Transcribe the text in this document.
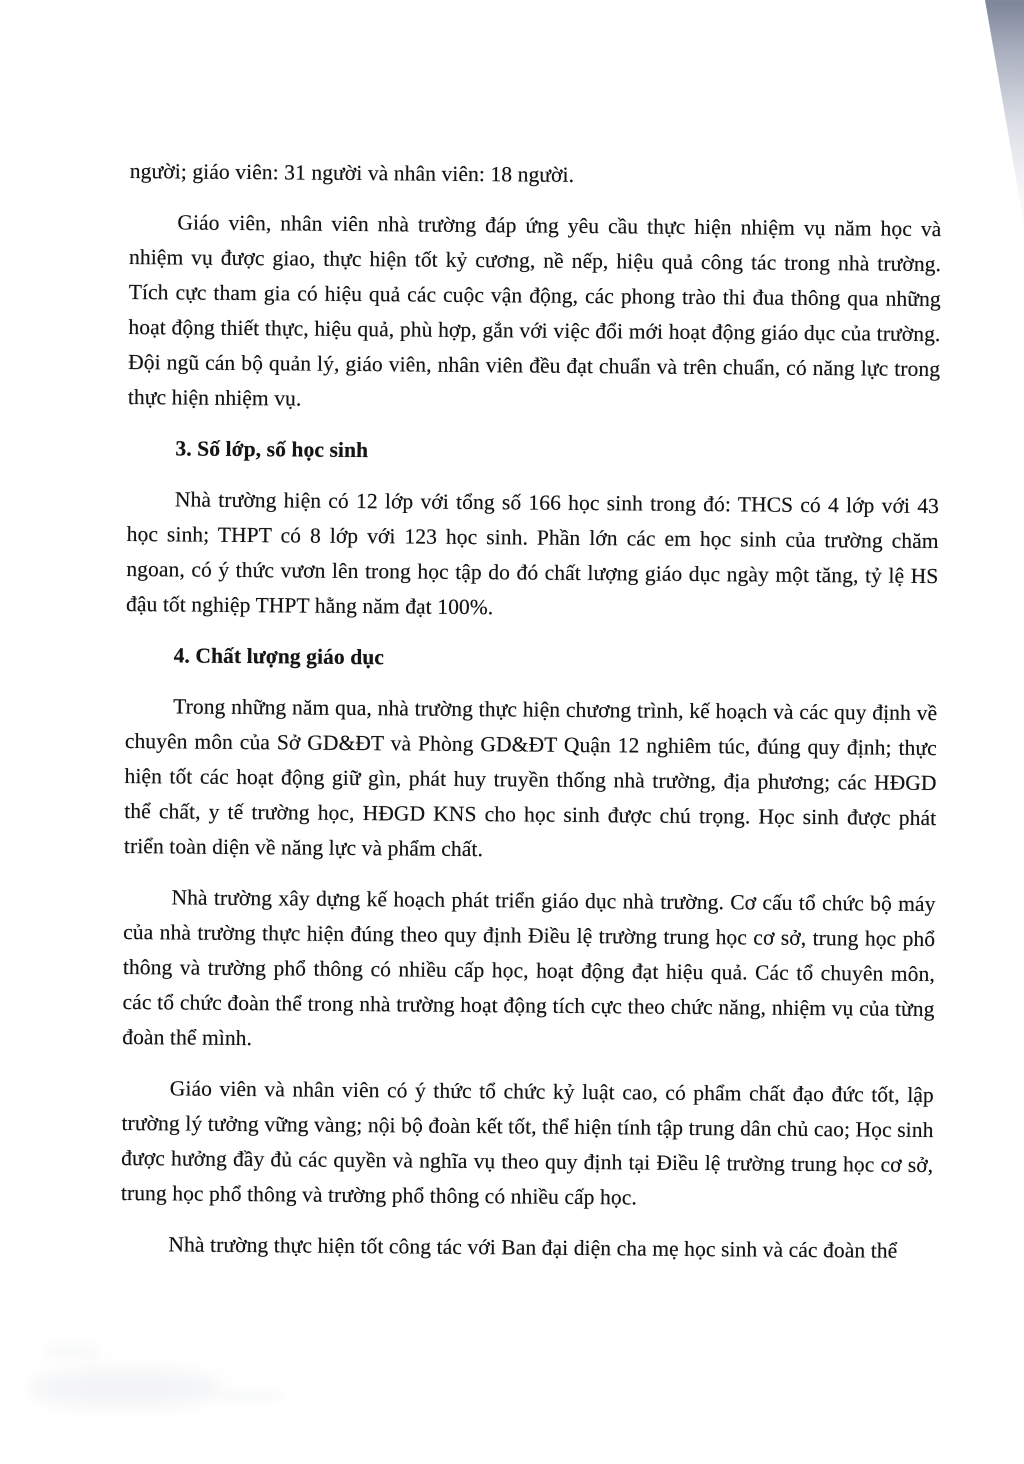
người; giáo viên: 31 người và nhân viên: 18 người.

Giáo viên, nhân viên nhà trường đáp ứng yêu cầu thực hiện nhiệm vụ năm học và nhiệm vụ được giao, thực hiện tốt kỷ cương, nề nếp, hiệu quả công tác trong nhà trường. Tích cực tham gia có hiệu quả các cuộc vận động, các phong trào thi đua thông qua những hoạt động thiết thực, hiệu quả, phù hợp, gắn với việc đổi mới hoạt động giáo dục của trường. Đội ngũ cán bộ quản lý, giáo viên, nhân viên đều đạt chuẩn và trên chuẩn, có năng lực trong thực hiện nhiệm vụ.

3. Số lớp, số học sinh

Nhà trường hiện có 12 lớp với tổng số 166 học sinh trong đó: THCS có 4 lớp với 43 học sinh; THPT có 8 lớp với 123 học sinh. Phần lớn các em học sinh của trường chăm ngoan, có ý thức vươn lên trong học tập do đó chất lượng giáo dục ngày một tăng, tỷ lệ HS đậu tốt nghiệp THPT hằng năm đạt 100%.

4. Chất lượng giáo dục

Trong những năm qua, nhà trường thực hiện chương trình, kế hoạch và các quy định về chuyên môn của Sở GD&ĐT và Phòng GD&ĐT Quận 12 nghiêm túc, đúng quy định; thực hiện tốt các hoạt động giữ gìn, phát huy truyền thống nhà trường, địa phương; các HĐGD thể chất, y tế trường học, HĐGD KNS cho học sinh được chú trọng. Học sinh được phát triển toàn diện về năng lực và phẩm chất.

Nhà trường xây dựng kế hoạch phát triển giáo dục nhà trường. Cơ cấu tổ chức bộ máy của nhà trường thực hiện đúng theo quy định Điều lệ trường trung học cơ sở, trung học phổ thông và trường phổ thông có nhiều cấp học, hoạt động đạt hiệu quả. Các tổ chuyên môn, các tổ chức đoàn thể trong nhà trường hoạt động tích cực theo chức năng, nhiệm vụ của từng đoàn thể mình.

Giáo viên và nhân viên có ý thức tổ chức kỷ luật cao, có phẩm chất đạo đức tốt, lập trường lý tưởng vững vàng; nội bộ đoàn kết tốt, thể hiện tính tập trung dân chủ cao; Học sinh được hưởng đầy đủ các quyền và nghĩa vụ theo quy định tại Điều lệ trường trung học cơ sở, trung học phổ thông và trường phổ thông có nhiều cấp học.

Nhà trường thực hiện tốt công tác với Ban đại diện cha mẹ học sinh và các đoàn thể
